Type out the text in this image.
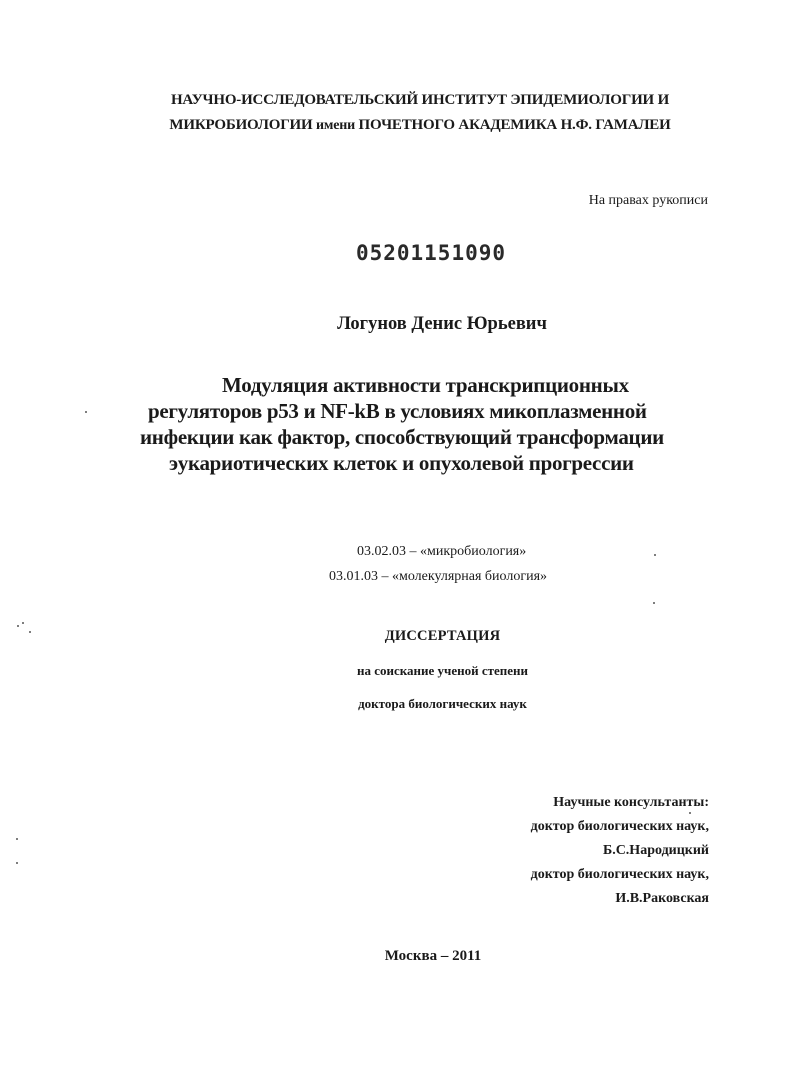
НАУЧНО-ИССЛЕДОВАТЕЛЬСКИЙ ИНСТИТУТ ЭПИДЕМИОЛОГИИ И
МИКРОБИОЛОГИИ имени ПОЧЕТНОГО АКАДЕМИКА Н.Ф. ГАМАЛЕИ
На правах рукописи
05201151090
Логунов Денис Юрьевич
Модуляция активности транскрипционных
регуляторов p53 и NF-kB в условиях микоплазменной
инфекции как фактор, способствующий трансформации
эукариотических клеток и опухолевой прогрессии
03.02.03 – «микробиология»
03.01.03 – «молекулярная биология»
ДИССЕРТАЦИЯ
на соискание ученой степени
доктора биологических наук
Научные консультанты:
доктор биологических наук,
Б.С.Народицкий
доктор биологических наук,
И.В.Раковская
Москва – 2011
